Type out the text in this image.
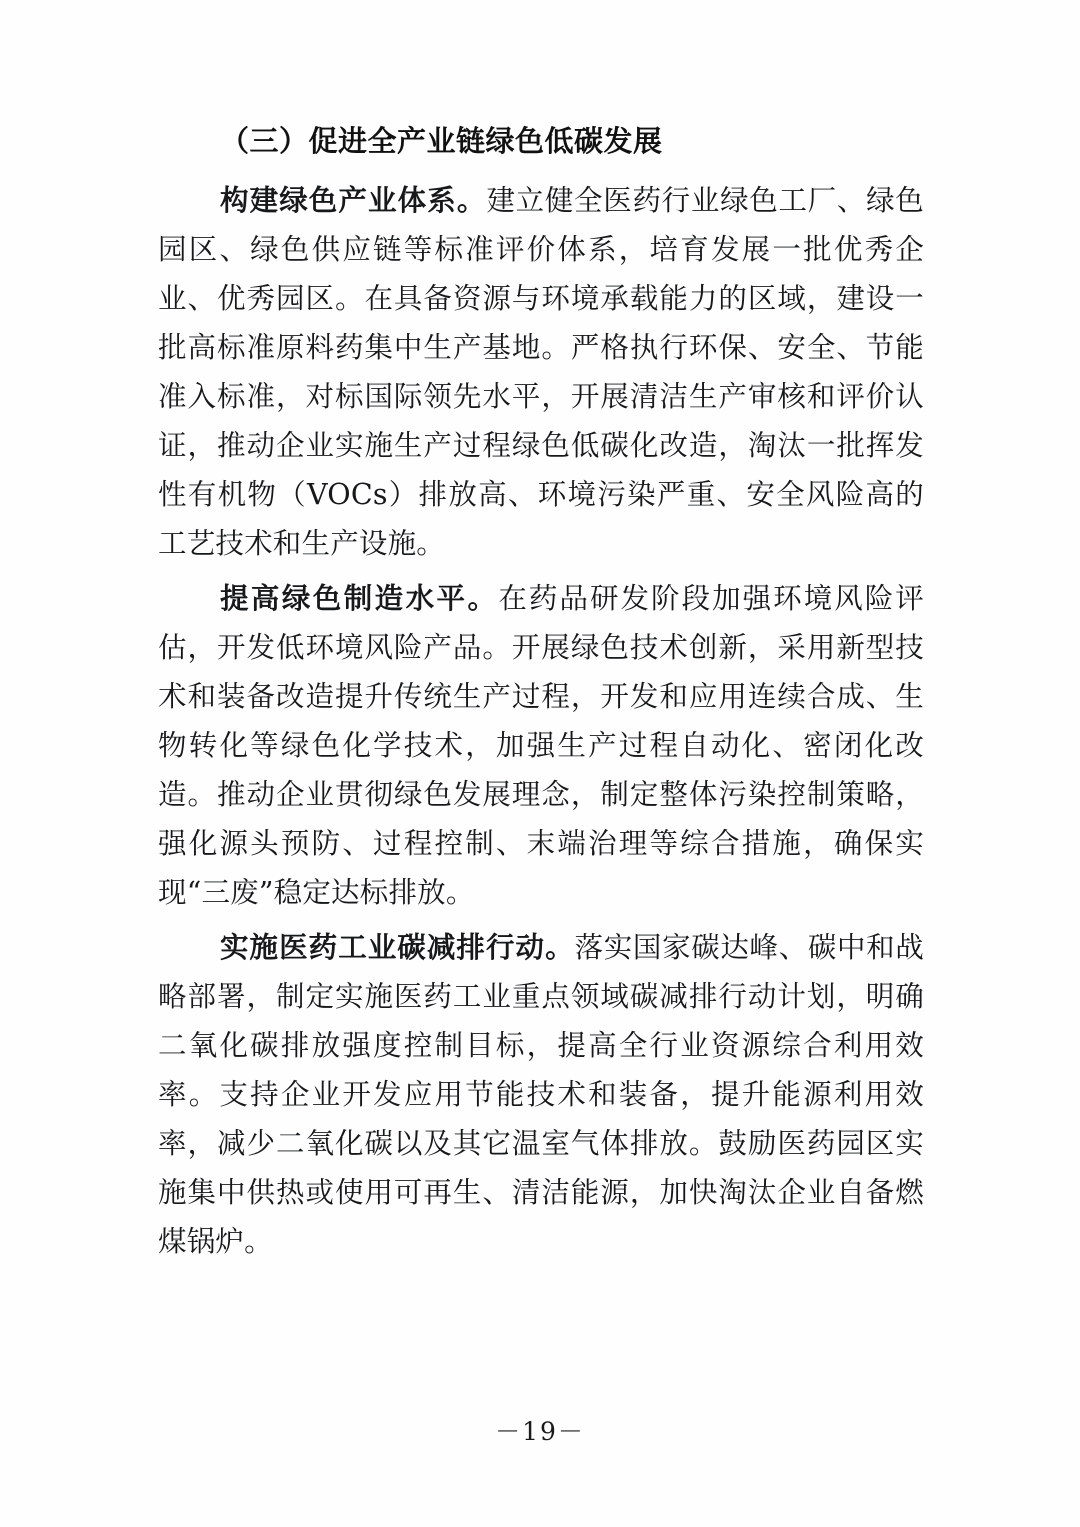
（三）促进全产业链绿色低碳发展

构建绿色产业体系。建立健全医药行业绿色工厂、绿色园区、绿色供应链等标准评价体系，培育发展一批优秀企业、优秀园区。在具备资源与环境承载能力的区域，建设一批高标准原料药集中生产基地。严格执行环保、安全、节能准入标准，对标国际领先水平，开展清洁生产审核和评价认证，推动企业实施生产过程绿色低碳化改造，淘汰一批挥发性有机物（VOCs）排放高、环境污染严重、安全风险高的工艺技术和生产设施。

提高绿色制造水平。在药品研发阶段加强环境风险评估，开发低环境风险产品。开展绿色技术创新，采用新型技术和装备改造提升传统生产过程，开发和应用连续合成、生物转化等绿色化学技术，加强生产过程自动化、密闭化改造。推动企业贯彻绿色发展理念，制定整体污染控制策略，强化源头预防、过程控制、末端治理等综合措施，确保实现“三废”稳定达标排放。

实施医药工业碳减排行动。落实国家碳达峰、碳中和战略部署，制定实施医药工业重点领域碳减排行动计划，明确二氧化碳排放强度控制目标，提高全行业资源综合利用效率。支持企业开发应用节能技术和装备，提升能源利用效率，减少二氧化碳以及其它温室气体排放。鼓励医药园区实施集中供热或使用可再生、清洁能源，加快淘汰企业自备燃煤锅炉。

－19－
